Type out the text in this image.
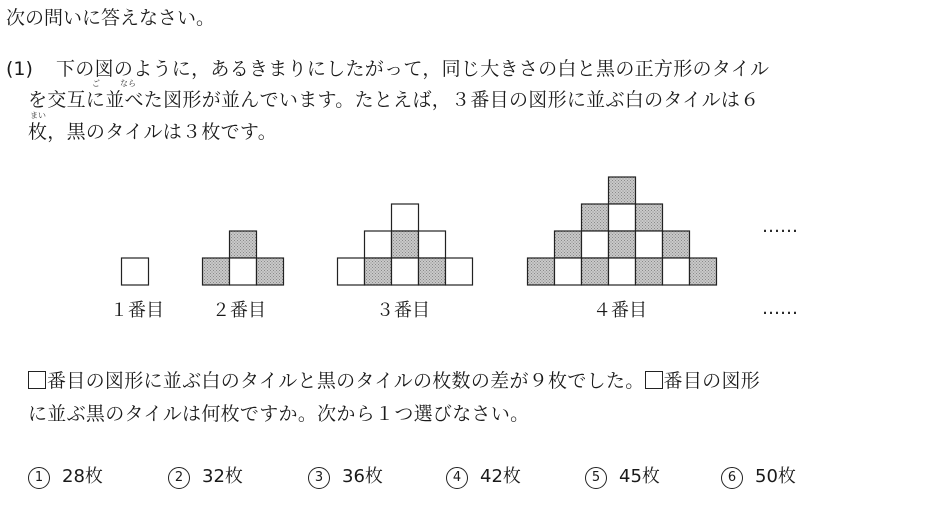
次の問いに答えなさい。
(1) 下の図のように，あるきまりにしたがって，同じ大きさの白と黒の正方形のタイル
を交互に並べた図形が並んでいます。たとえば，３番目の図形に並ぶ白のタイルは６
枚，黒のタイルは３枚です。
ご	なら
まい
１番目	２番目	３番目	４番目
……
……
番目の図形に並ぶ白のタイルと黒のタイルの枚数の差が９枚でした。 番目の図形
に並ぶ黒のタイルは何枚ですか。次から１つ選びなさい。
1 28枚	2 32枚	3 36枚	4 42枚	5 45枚	6 50枚
